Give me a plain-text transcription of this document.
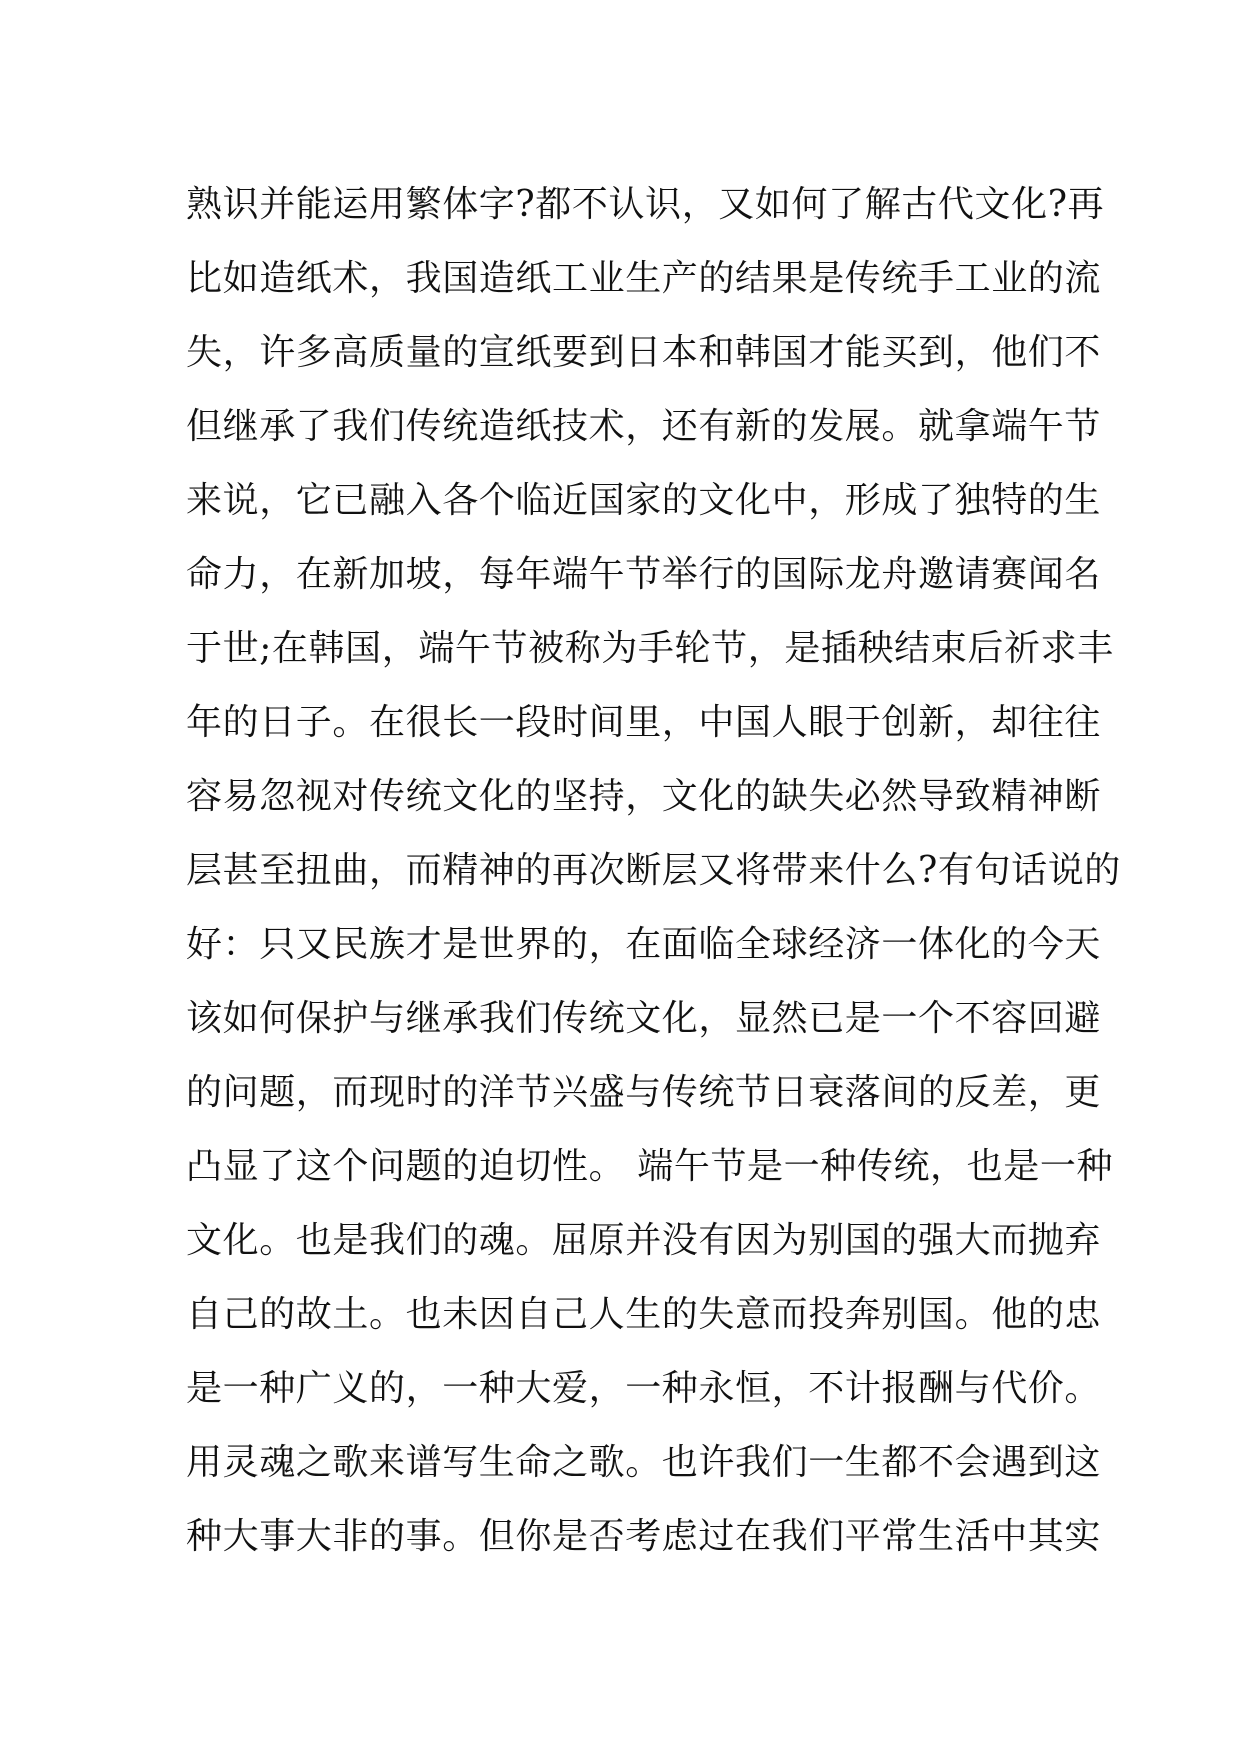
熟识并能运用繁体字?都不认识，又如何了解古代文化?再
比如造纸术，我国造纸工业生产的结果是传统手工业的流
失，许多高质量的宣纸要到日本和韩国才能买到，他们不
但继承了我们传统造纸技术，还有新的发展。就拿端午节
来说，它已融入各个临近国家的文化中，形成了独特的生
命力，在新加坡，每年端午节举行的国际龙舟邀请赛闻名
于世;在韩国，端午节被称为手轮节，是插秧结束后祈求丰
年的日子。在很长一段时间里，中国人眼于创新，却往往
容易忽视对传统文化的坚持，文化的缺失必然导致精神断
层甚至扭曲，而精神的再次断层又将带来什么?有句话说的
好：只又民族才是世界的，在面临全球经济一体化的今天
该如何保护与继承我们传统文化，显然已是一个不容回避
的问题，而现时的洋节兴盛与传统节日衰落间的反差，更
凸显了这个问题的迫切性。 端午节是一种传统，也是一种
文化。也是我们的魂。屈原并没有因为别国的强大而抛弃
自己的故土。也未因自己人生的失意而投奔别国。他的忠
是一种广义的，一种大爱，一种永恒，不计报酬与代价。
用灵魂之歌来谱写生命之歌。也许我们一生都不会遇到这
种大事大非的事。但你是否考虑过在我们平常生活中其实
